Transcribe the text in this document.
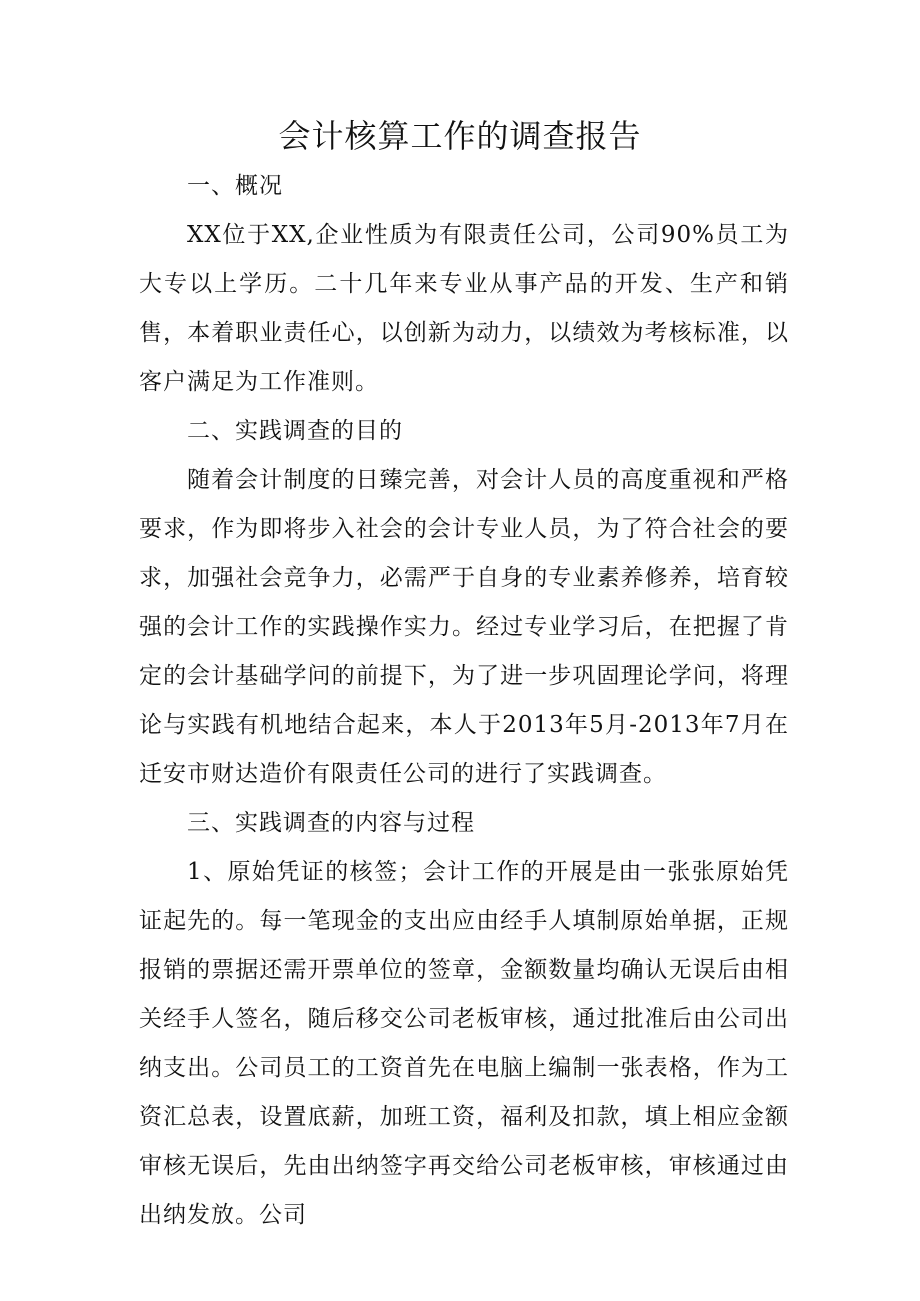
会计核算工作的调查报告

一、概况

XX位于XX,企业性质为有限责任公司，公司90%员工为大专以上学历。二十几年来专业从事产品的开发、生产和销售，本着职业责任心，以创新为动力，以绩效为考核标准，以客户满足为工作准则。

二、实践调查的目的

随着会计制度的日臻完善，对会计人员的高度重视和严格要求，作为即将步入社会的会计专业人员，为了符合社会的要求，加强社会竞争力，必需严于自身的专业素养修养，培育较强的会计工作的实践操作实力。经过专业学习后，在把握了肯定的会计基础学问的前提下，为了进一步巩固理论学问，将理论与实践有机地结合起来，本人于2013年5月-2013年7月在迁安市财达造价有限责任公司的进行了实践调查。

三、实践调查的内容与过程

1、原始凭证的核签；会计工作的开展是由一张张原始凭证起先的。每一笔现金的支出应由经手人填制原始单据，正规报销的票据还需开票单位的签章，金额数量均确认无误后由相关经手人签名，随后移交公司老板审核，通过批准后由公司出纳支出。公司员工的工资首先在电脑上编制一张表格，作为工资汇总表，设置底薪，加班工资，福利及扣款，填上相应金额审核无误后，先由出纳签字再交给公司老板审核，审核通过由出纳发放。公司
